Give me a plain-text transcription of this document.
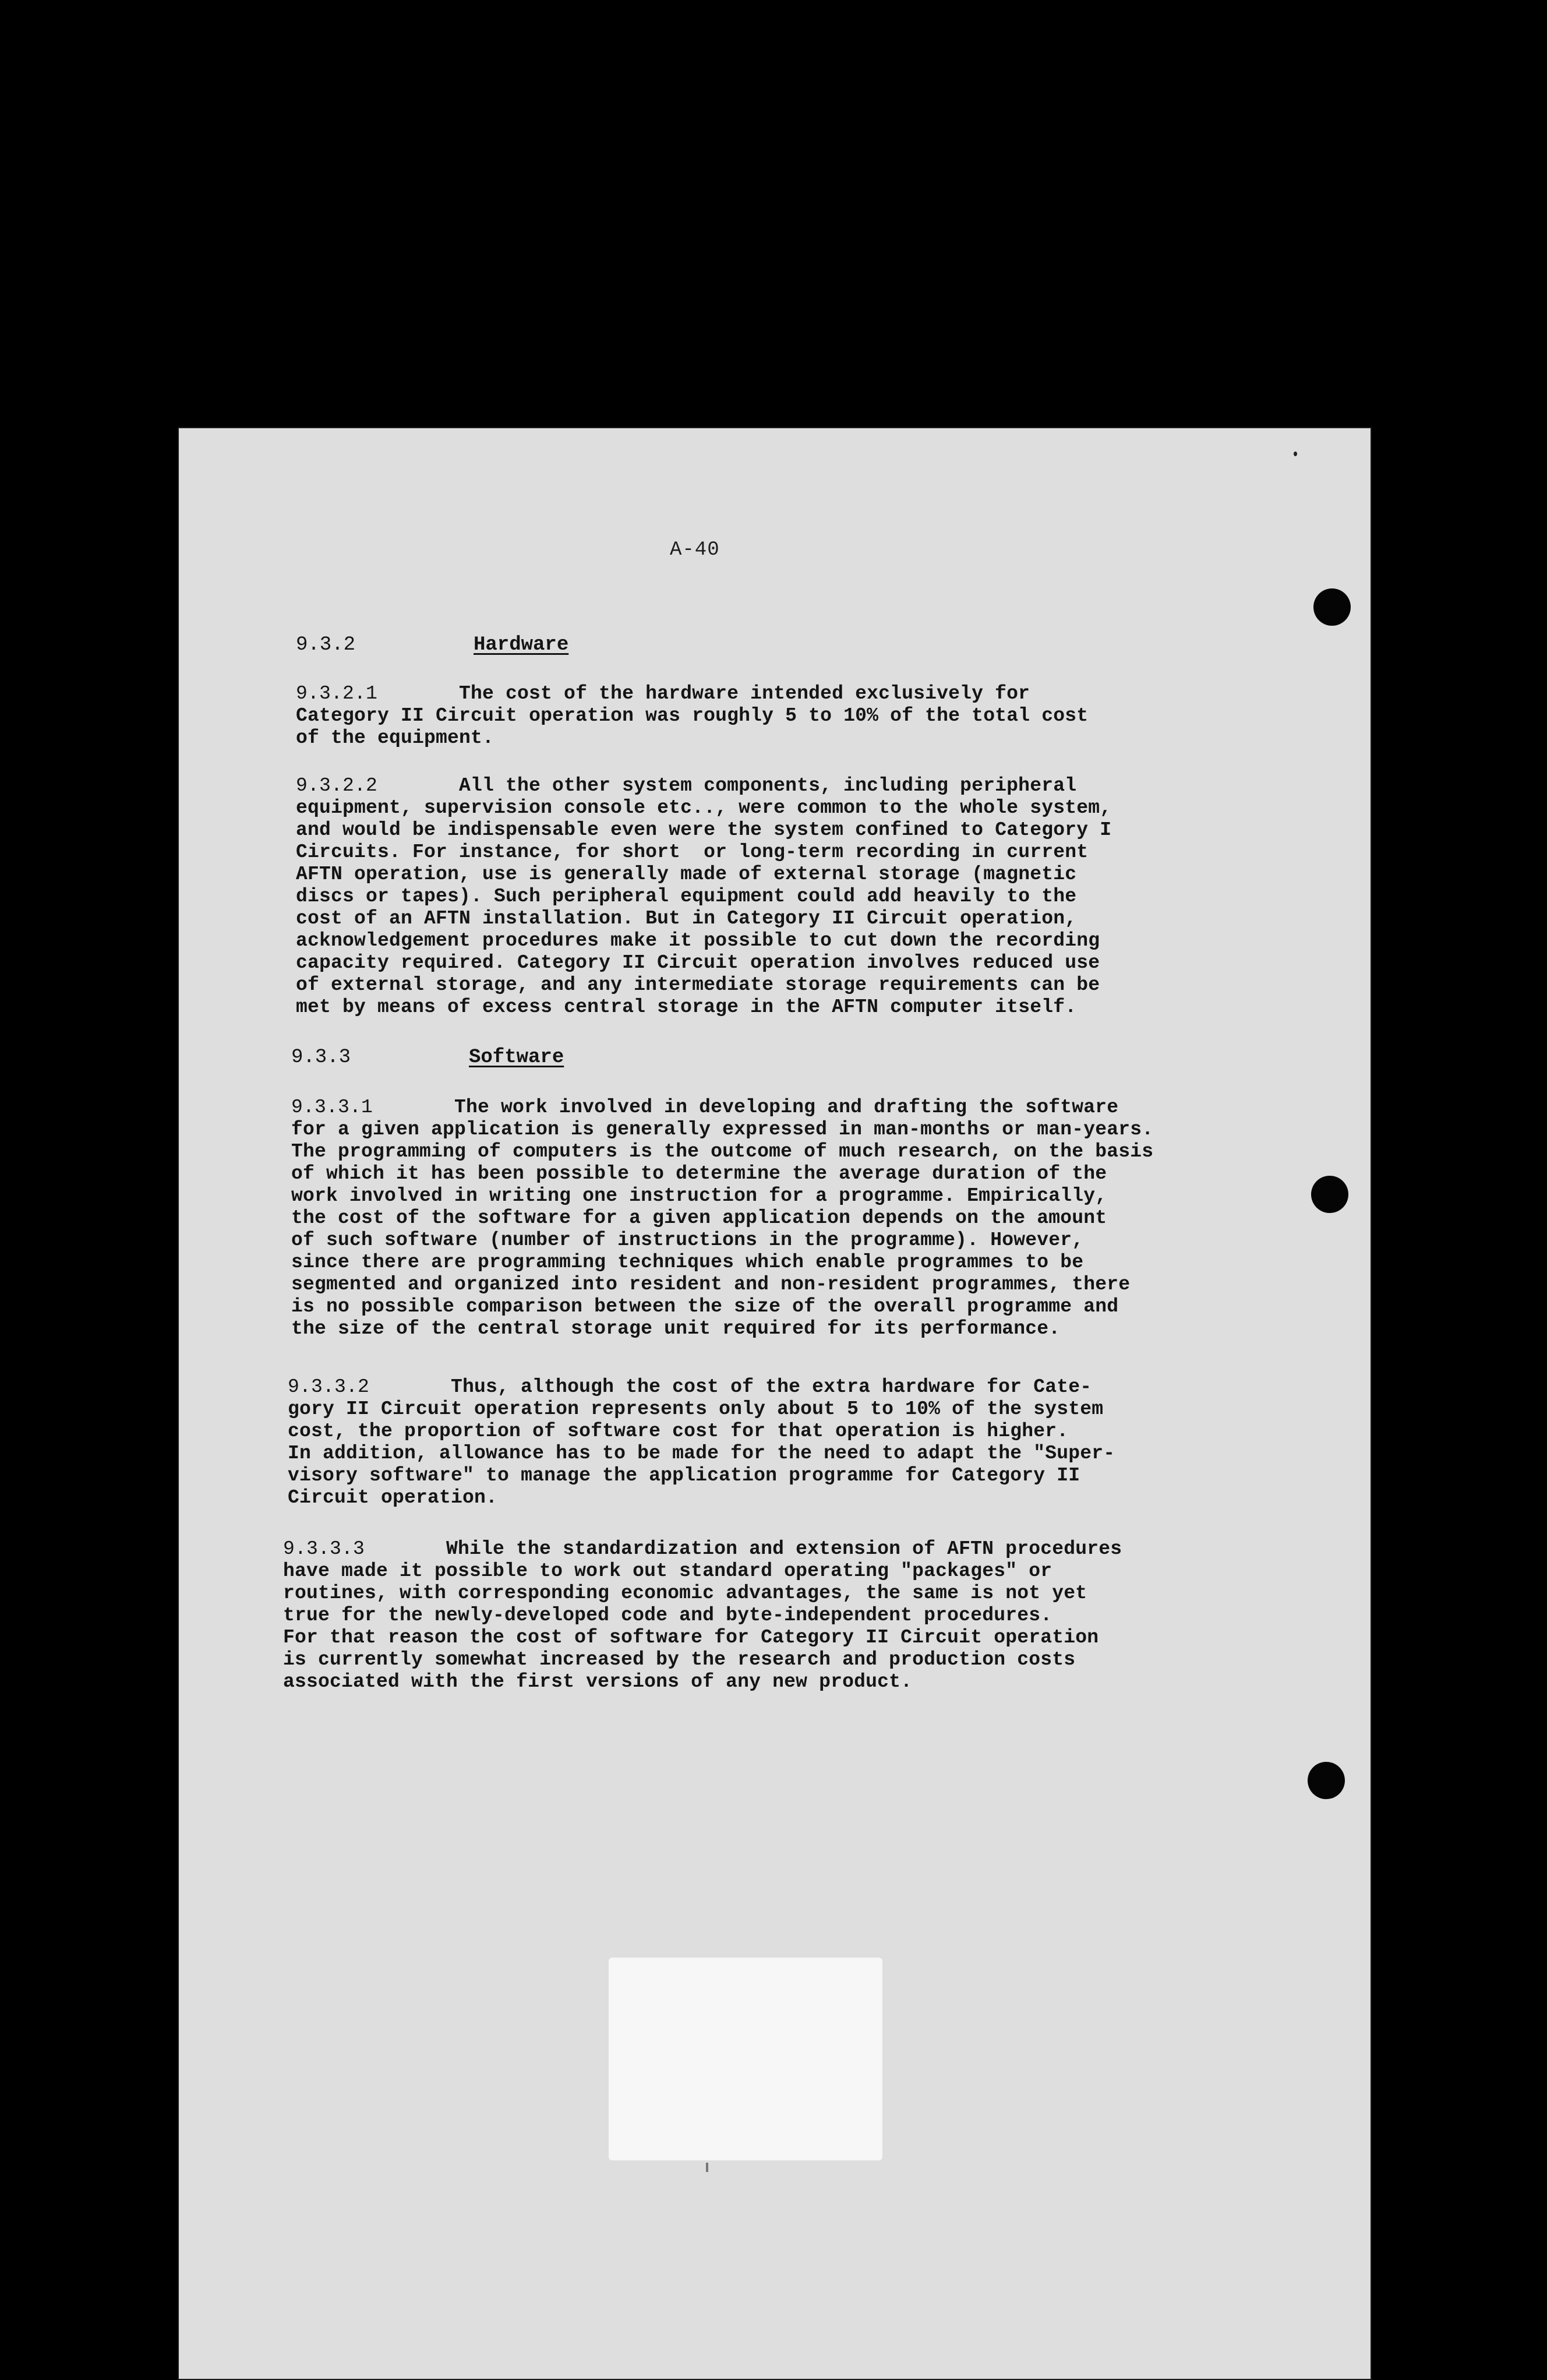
A-40
9.3.2	Hardware
9.3.2.1	The cost of the hardware intended exclusively for
Category II Circuit operation was roughly 5 to 10% of the total cost
of the equipment.
9.3.2.2	All the other system components, including peripheral
equipment, supervision console etc.., were common to the whole system,
and would be indispensable even were the system confined to Category I
Circuits. For instance, for short  or long-term recording in current
AFTN operation, use is generally made of external storage (magnetic
discs or tapes). Such peripheral equipment could add heavily to the
cost of an AFTN installation. But in Category II Circuit operation,
acknowledgement procedures make it possible to cut down the recording
capacity required. Category II Circuit operation involves reduced use
of external storage, and any intermediate storage requirements can be
met by means of excess central storage in the AFTN computer itself.
9.3.3	Software
9.3.3.1	The work involved in developing and drafting the software
for a given application is generally expressed in man-months or man-years.
The programming of computers is the outcome of much research, on the basis
of which it has been possible to determine the average duration of the
work involved in writing one instruction for a programme. Empirically,
the cost of the software for a given application depends on the amount
of such software (number of instructions in the programme). However,
since there are programming techniques which enable programmes to be
segmented and organized into resident and non-resident programmes, there
is no possible comparison between the size of the overall programme and
the size of the central storage unit required for its performance.
9.3.3.2	Thus, although the cost of the extra hardware for Cate-
gory II Circuit operation represents only about 5 to 10% of the system
cost, the proportion of software cost for that operation is higher.
In addition, allowance has to be made for the need to adapt the "Super-
visory software" to manage the application programme for Category II
Circuit operation.
9.3.3.3	While the standardization and extension of AFTN procedures
have made it possible to work out standard operating "packages" or
routines, with corresponding economic advantages, the same is not yet
true for the newly-developed code and byte-independent procedures.
For that reason the cost of software for Category II Circuit operation
is currently somewhat increased by the research and production costs
associated with the first versions of any new product.
